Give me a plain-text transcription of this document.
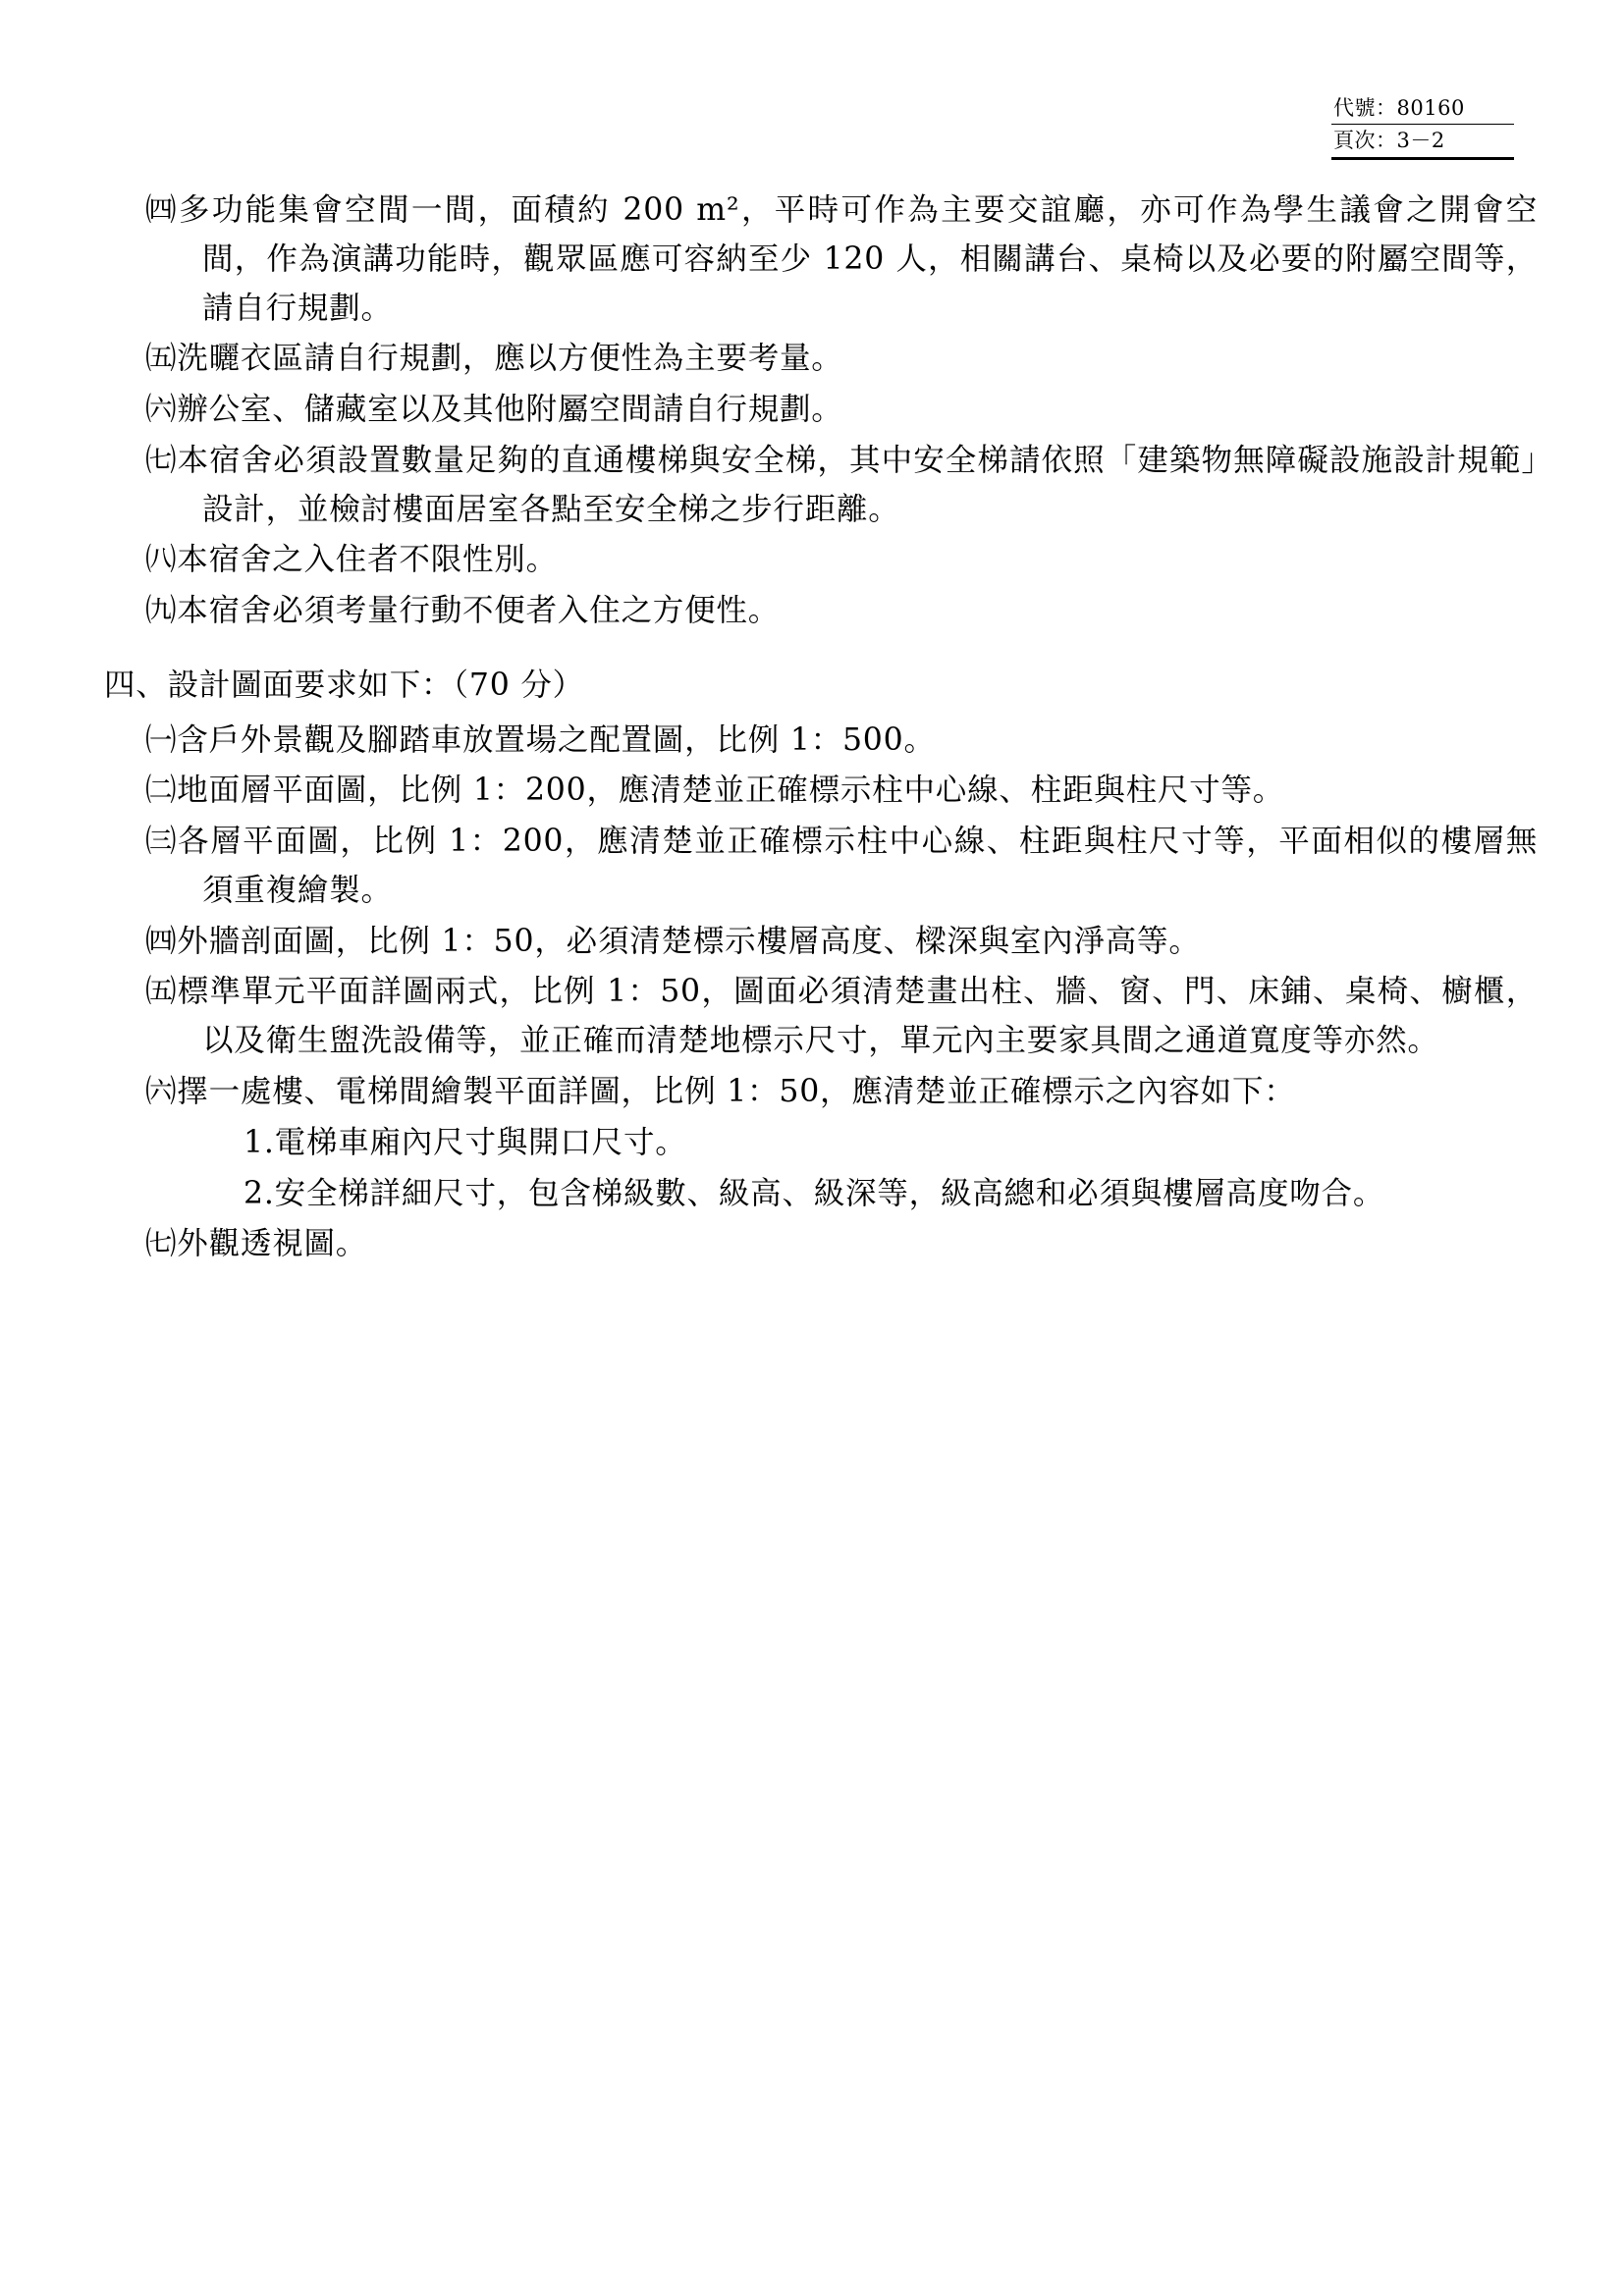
代號：80160
頁次：3－2
㈣多功能集會空間一間，面積約 200 m²，平時可作為主要交誼廳，亦可作為學生議會之開會空間，作為演講功能時，觀眾區應可容納至少 120 人，相關講台、桌椅以及必要的附屬空間等，請自行規劃。
㈤洗曬衣區請自行規劃，應以方便性為主要考量。
㈥辦公室、儲藏室以及其他附屬空間請自行規劃。
㈦本宿舍必須設置數量足夠的直通樓梯與安全梯，其中安全梯請依照「建築物無障礙設施設計規範」設計，並檢討樓面居室各點至安全梯之步行距離。
㈧本宿舍之入住者不限性別。
㈨本宿舍必須考量行動不便者入住之方便性。
四、設計圖面要求如下：（70 分）
㈠含戶外景觀及腳踏車放置場之配置圖，比例 1：500。
㈡地面層平面圖，比例 1：200，應清楚並正確標示柱中心線、柱距與柱尺寸等。
㈢各層平面圖，比例 1：200，應清楚並正確標示柱中心線、柱距與柱尺寸等，平面相似的樓層無須重複繪製。
㈣外牆剖面圖，比例 1：50，必須清楚標示樓層高度、樑深與室內淨高等。
㈤標準單元平面詳圖兩式，比例 1：50，圖面必須清楚畫出柱、牆、窗、門、床鋪、桌椅、櫥櫃，以及衛生盥洗設備等，並正確而清楚地標示尺寸，單元內主要家具間之通道寬度等亦然。
㈥擇一處樓、電梯間繪製平面詳圖，比例 1：50，應清楚並正確標示之內容如下：
1.電梯車廂內尺寸與開口尺寸。
2.安全梯詳細尺寸，包含梯級數、級高、級深等，級高總和必須與樓層高度吻合。
㈦外觀透視圖。
